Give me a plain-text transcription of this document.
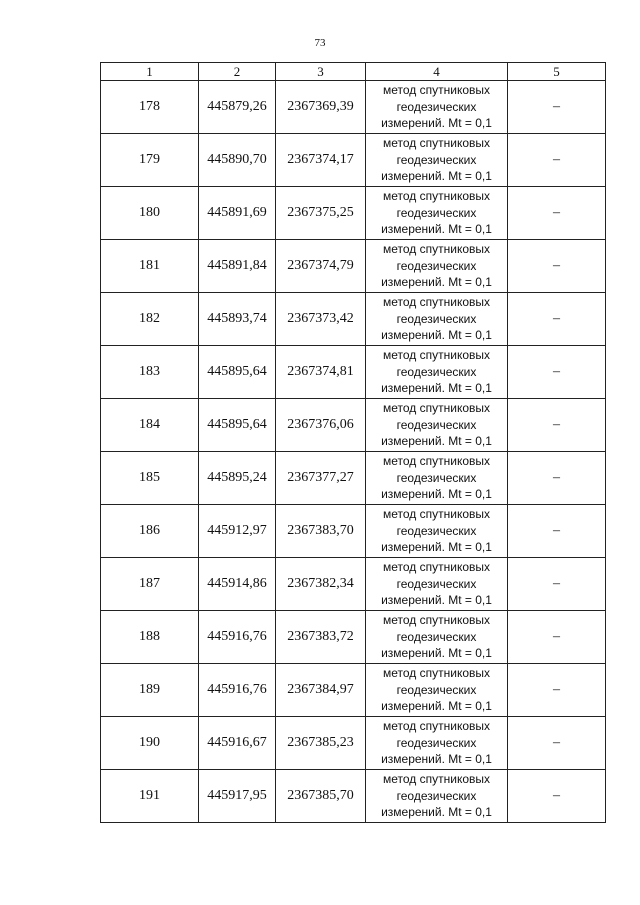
73
1	2	3	4	5
178	445879,26	2367369,39	метод спутниковых
геодезических
измерений. Mt = 0,1	–
179	445890,70	2367374,17	метод спутниковых
геодезических
измерений. Mt = 0,1	–
180	445891,69	2367375,25	метод спутниковых
геодезических
измерений. Mt = 0,1	–
181	445891,84	2367374,79	метод спутниковых
геодезических
измерений. Mt = 0,1	–
182	445893,74	2367373,42	метод спутниковых
геодезических
измерений. Mt = 0,1	–
183	445895,64	2367374,81	метод спутниковых
геодезических
измерений. Mt = 0,1	–
184	445895,64	2367376,06	метод спутниковых
геодезических
измерений. Mt = 0,1	–
185	445895,24	2367377,27	метод спутниковых
геодезических
измерений. Mt = 0,1	–
186	445912,97	2367383,70	метод спутниковых
геодезических
измерений. Mt = 0,1	–
187	445914,86	2367382,34	метод спутниковых
геодезических
измерений. Mt = 0,1	–
188	445916,76	2367383,72	метод спутниковых
геодезических
измерений. Mt = 0,1	–
189	445916,76	2367384,97	метод спутниковых
геодезических
измерений. Mt = 0,1	–
190	445916,67	2367385,23	метод спутниковых
геодезических
измерений. Mt = 0,1	–
191	445917,95	2367385,70	метод спутниковых
геодезических
измерений. Mt = 0,1	–
